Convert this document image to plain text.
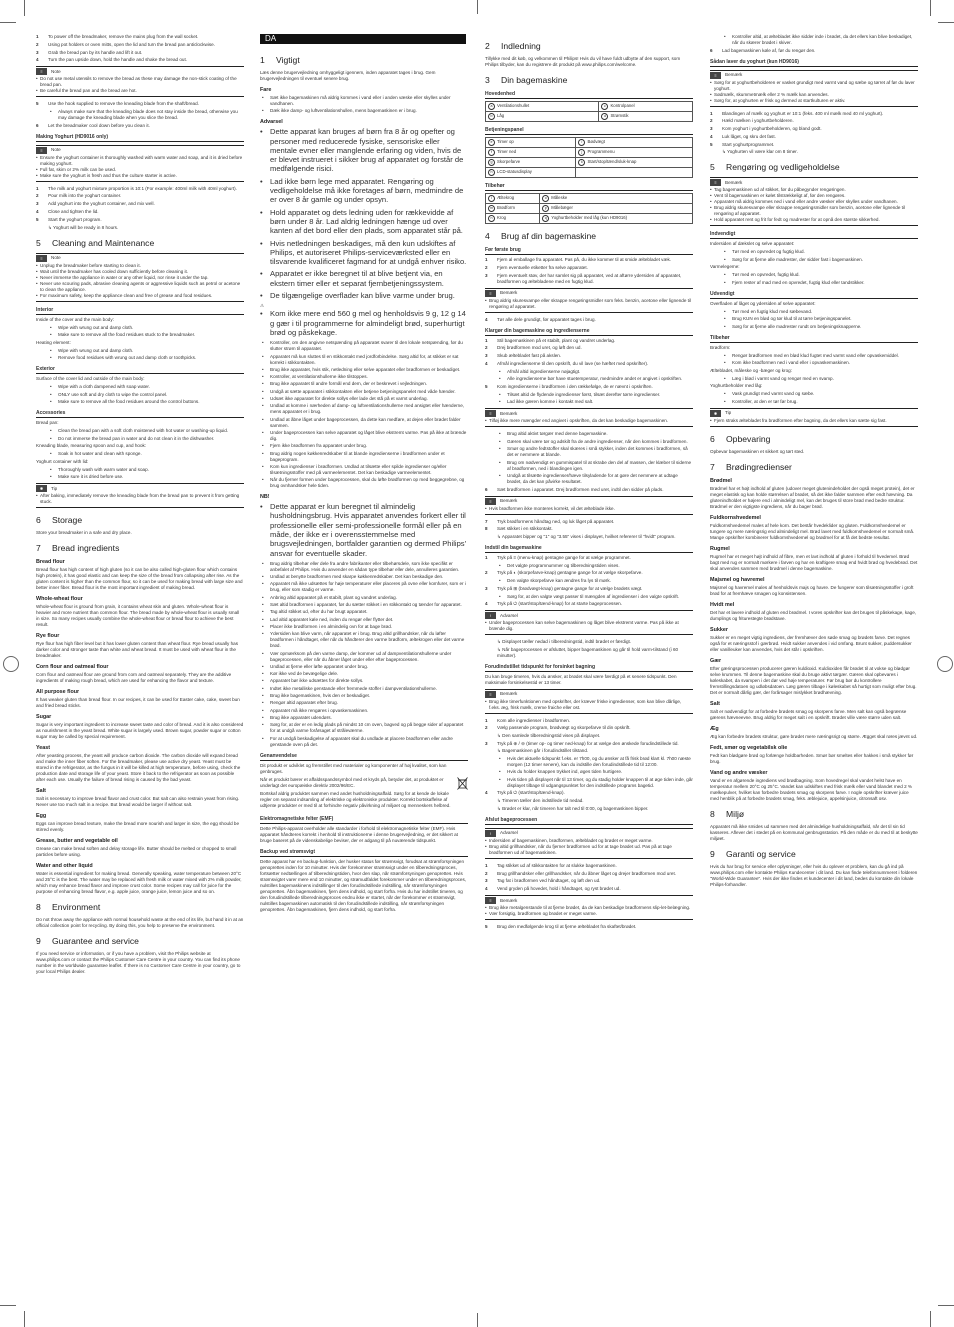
1	To power off the breadmaker, remove the mains plug from the wall socket.
2	Using pot holders or oven mitts, open the lid and turn the bread pan anticlockwise.
3	Grab the bread pan by its handle and lift it out.
4	Turn the pan upside down, hold the handle and shake the bread out.
≡	Note
• Do not use metal utensils to remove the bread as these may damage the non-stick coating of the bread pan.
• Be careful the bread pan and the bread are hot.
5	Use the hook supplied to remove the kneading blade from the shaft/bread.
• Always make sure that the kneading blade does not stay inside the bread, otherwise you may damage the kneading blade when you slice the bread.
6	Let the breadmaker cool down before you clean it.
Making Yoghurt (HD9016 only)
≡	Note
• Ensure the yoghurt container is thoroughly washed with warm water and soap, and it is dried before making yoghurt.
• Full fat, skim or 2% milk can be used.
• Make sure the yoghurt is fresh and thus the culture starter is active.
1	The milk and yoghurt mixture proportion is 10:1 (For example: 400ml milk with 40ml yoghurt).
2	Pour milk into the yoghurt container.
3	Add yoghurt into the yoghurt container, and mix well.
4	Close and tighten the lid.
5	Start the yoghurt program.
↳ Yoghurt will be ready in 8 hours.
5 Cleaning and Maintenance
≡	Note
• Unplug the breadmaker before starting to clean it.
• Wait until the breadmaker has cooled down sufficiently before cleaning it.
• Never immerse the appliance in water or any other liquid, nor rinse it under the tap.
• Never use scouring pads, abrasive cleaning agents or aggressive liquids such as petrol or acetone to clean the appliance.
• For maximum safety, keep the appliance clean and free of grease and food residues.
Interior

Inside of the cover and the main body:

• Wipe with wrung out and damp cloth.
• Make sure to remove all the food residues stuck to the breadmaker.

Heating element:

• Wipe with wrung out and damp cloth.
• Remove food residues with wrung out and damp cloth or toothpicks.
Exterior

Surface of the cover lid and outside of the main body:

• Wipe with a cloth dampened with soap water.
• ONLY use soft and dry cloth to wipe the control panel.
• Make sure to remove all the food residues around the control buttons.
Accessories

Bread pan:

• Clean the bread pan with a soft cloth moistened with hot water or washing-up liquid.
• Do not immerse the bread pan in water and do not clean it in the dishwasher.

Kneading blade, measuring spoon and cup, and hook:

• Soak in hot water and clean with sponge.

Yoghurt container with lid:

• Thoroughly wash with warm water and soap.
• Make sure it is dried before use.
✱	Tip
• After baking, immediately remove the kneading blade from the bread pan to prevent it from getting stuck.
6 Storage

Store your breadmaker in a safe and dry place.

7 Bread ingredients
Bread flour

Bread flour has high content of high gluten (so it can be also called high-gluten flour which contains high protein), it has good elastic and can keep the size of the bread from collapsing after rise. As the gluten content is higher than the common flour, so it can be used for making bread with large size and better inner fiber. Bread flour is the most important ingredient of making bread.

Whole-wheat flour

Whole-wheat flour is ground from grain, it contains wheat skin and gluten. Whole-wheat flour is heavier and more nutrient than common flour. The bread made by whole-wheat flour is usually small in size. So many recipes usually combine the whole-wheat flour or bread flour to achieve the best result.

Rye flour

Rye flour has high fiber level but it has lower gluten content than wheat flour. Rye bread usually has darker color and stronger taste than white and wheat bread. It must be used with wheat flour in the breadmaker.

Corn flour and oatmeal flour

Corn flour and oatmeal flour are ground from corn and oatmeal separately. They are the additive ingredients of making rough bread, which are used for enhancing the flavor and texture.

All purpose flour

It has weaker gluten than bread flour. In our recipes, it can be used for Easter cake, cake, sweet bun and fried bread sticks.

Sugar

Sugar is very important ingredient to increase sweet taste and color of bread. And it is also considered as nourishment in the yeast bread. White sugar is largely used. Brown sugar, powder sugar or cotton sugar may be called by special requirement.

Yeast

After yeasting process, the yeast will produce carbon dioxide. The carbon dioxide will expand bread and make the inner fiber soften. For the breadmaker, please use active dry yeast. Yeast must be stored in the refrigerator, as the fungus in it will be killed at high temperature, before using, check the production date and storage life of your yeast. Store it back to the refrigerator as soon as possible after each use. Usually the failure of bread rising is caused by the bad yeast.

Salt

Salt is necessary to improve bread flavor and crust color. But salt can also restrain yeast from rising. Never use too much salt in a recipe. But bread would be larger if without salt.

Egg

Eggs can improve bread texture, make the bread more nourish and larger in size, the egg should be stirred evenly.

Grease, butter and vegetable oil

Grease can make bread soften and delay storage life. Butter should be melted or chopped to small particles before using.

Water and other liquid

Water is essential ingredient for making bread. Generally speaking, water temperature between 20°C and 25°C is the best. The water may be replaced with fresh milk or water mixed with 2% milk powder, which may enhance bread flavor and improve crust color. Some recipes may call for juice for the purpose of enhancing bread flavor, e.g. apple juice, orange juice, lemon juice and so on.

8 Environment

Do not throw away the appliance with normal household waste at the end of its life, but hand it in at an official collection point for recycling. By doing this, you help to preserve the environment.

9 Guarantee and service

If you need service or information, or if you have a problem, visit the Philips website at www.philips.com or contact the Philips Customer Care Centre in your country. You can find its phone number in the worldwide guarantee leaflet. If there is no Customer Care Centre in your country, go to your local Philips dealer.

DA
1 Vigtigt

Læs denne brugervejledning omhyggeligt igennem, inden apparatet tages i brug. Gem brugervejledningen til eventuel senere brug.

Fare
• Sæt ikke bagemaskinen må aldrig kommes i vand eller i anden væske eller skylles under vandhanen.
• Dæk ikke damp- og luftventilationshullen, mens bagemaskinen er i brug.
Advarsel
• Dette apparat kan bruges af børn fra 8 år og opefter og personer med reducerede fysiske, sensoriske eller mentale evner eller manglende erfaring og viden, hvis de er blevet instrueret i sikker brug af apparatet og forstår de medfølgende risici.
• Lad ikke børn lege med apparatet. Rengøring og vedligeholdelse må ikke foretages af børn, medmindre de er over 8 år gamle og under opsyn.
• Hold apparatet og dets ledning uden for rækkevidde af børn under 8 år. Lad aldrig ledningen hænge ud over kanten af det bord eller den plads, som apparatet står på.
• Hvis netledningen beskadiges, må den kun udskiftes af Philips, et autoriseret Philips-serviceværksted eller en tilsvarende kvalificeret fagmand for at undgå enhver risiko.
• Apparatet er ikke beregnet til at blive betjent via, en ekstern timer eller et separat fjernbetjeningssystem.
• De tilgængelige overflader kan blive varme under brug.
⚠
• Kom ikke mere end 560 g mel og henholdsvis 9 g, 12 g 14 g gær i til programmerne for almindeligt brød, superhurtigt brød og påskekage.
• Kontroller, om den angivne netspænding på apparatet svarer til den lokale netspænding, før du slutter strøm til apparatet.
• Apparatet må kun sluttes til en stikkontakt med jordforbindelse. Sørg altid for, at stikket er sat korrekt i stikkontakten.
• Brug ikke apparatet, hvis stik, netledning eller selve apparatet eller brødformen er beskadiget.
• Kontroller, at ventilationshullerne ikke tilstoppes.
• Brug ikke apparatet til andre formål end dem, der er beskrevet i vejledningen.
• Undgå at sætte apparatet i stikkontakten eller betjene betjeningspanelet med våde hænder.
• Udsæt ikke apparatet for direkte sollys eller lade det stå på et varmt underlag.
• Undlad at komme i nærheden af damp- og luftventilationshullerne med ansigtet eller hænderne, mens apparatet er i brug.
• Undlad at åbne låget under bageprocessen, da dette kan medføre, at dejen eller brødet falder sammen.
• Under bageprocessen kan selve apparatet og låget blive ekstremt varme. Pas på ikke at brænde dig.
• Fjern ikke brødformen fra apparatet under brug.
• Brug aldrig nogen køkkenredskaber til at blande ingredienserne i brødformen under et bageprogram.
• Kom kun ingredienser i brødformen. Undlad at tilsætte eller spilde ingredienser og/eller tilsætningsstoffer med på varmeelementet. Det kan beskadige varmeelementet.
• Når du fjerner formen under bageprocessen, skal du løfte brødformen op med beggegrebne, og brug ovnhandsker hele tiden.
NB!
• Dette apparat er kun beregnet til almindelig husholdningsbrug. Hvis apparatet anvendes forkert eller til professionelle eller semi-professionelle formål eller på en måde, der ikke er i overensstemmelse med brugsvejledningen, bortfalder garantien og dermed Philips' ansvar for eventuelle skader.
• Brug aldrig tilbehør eller dele fra andre fabrikanter eller tilbehørsdele, som ikke specifikt er anbefalet af Philips. Hvis du anvender en sådan type tilbehør eller dele, annulleres garantien.
• Undlad at benytte brødformen med skarpe køkkenredskaber. Det kan beskadige den.
• Apparatet må ikke udsættes for høje temperaturer eller placeres på ovne eller komfurer, som er i brug, eller som stadig er varme.
• Anbring altid apparatet på et stabilt, plant og vandret underlag.
• Sæt altid brødformen i apparatet, før du sætter stikket i en stikkontakt og tænder for apparatet.
• Tag altid stikket ud, efter du har brugt apparatet.
• Lad altid apparatet køle ned, inden du rengør eller flytter det.
• Placer ikke brødformen i en almindelig ovn for at bage brød.
• Ydersiden kan blive varm, når apparatet er i brug. Brug altid grillhandsker, når du løfter brødformen i håndtaget, eller når du håndterer den varme brødform, æltekrogen eller det varme brød.
• Vær opmærksom på den varme damp, der kommer ud af dampventilationshullerne under bageprocessen, eller når du åbner låget under eller efter bageprocessen.
• Undlad at fjerne eller løfte apparatet under brug.
• Kør ikke ved de bevægelige dele.
• Apparatet bør ikke udsættes for direkte sollys.
• Indtet ikke metalliske genstande eller fremmede stoffer i dampventilationshullerne.
• Brug ikke bagemaskinen, hvis den er beskadiget.
• Rengør altid apparatet efter brug.
• Apparatet må ikke rengøres i opvaskemaskinen.
• Brug ikke apparatet udendørs.
• Sørg for, at der er en ledig plads på mindst 10 cm oven, bagved og på begge sider af apparatet for at undgå varme forårsaget af stråleværme.
• For at undgå beskadigelse af apparatet skal du undlade at placere brødformen eller andre genstande oven på det.
Genanvendelse

Dit produkt er udviklet og fremstillet med materialer og komponenter af høj kvalitet, som kan genbruges.

Når et produkt bærer et affaldsspandssymbol med et kryds på, betyder det, at produktet er underlagt det europæiske direktiv 2002/96/EC.

Bortskaf aldrig produktet sammen med andet husholdningsaffald. Sørg for at kende de lokale regler om separat indsamling af elektriske og elektroniske produkter. Korrekt bortskaffelse af udtjente produkter er med til at forhindre negativ påvirkning af miljøet og menneskers helbred.

Elektromagnetiske felter (EMF)

Dette Philips-apparat overholder alle standarder i forhold til elektromagnetiske felter (EMF). Hvis apparatet håndteres korrekt i henhold til instruktionerne i denne brugervejledning, er det sikkert at bruge baseret på de videnskabelige beviser, der er adgang til på nuværende tidspunkt.

Backup ved strømsvigt

Dette apparat har en backup-funktion, der husker status før strømsvigt, forudsat at strømforsyningen genoprettes inden for 10 minutter. Hvis der forekommer strømsvigt under en tilberedningsproces, fortsætter nedtællingen af tilberedningstiden, hvor den slap, når strømforsyningen genoprettes. Hvis strømsvigtet varer mere end 10 minutter, og strømudfaldet forekommer under en tilberedningsproces, nulstilles bagemaskinens indstillinger til den forudindstillede indstilling, når strømforsyningen genoprettes. Åbn bagemaskinen, fjern dens indhold, og start forfra. Hvis du har indstillet timeren, og den forudindstillede tilberedningsproces endnu ikke er startet, når der forekommer et strømsvigt, nulstilles bagemaskinen automatisk til den forudindstillede indstilling, når strømforsyningen genoprettes. Åbn bagemaskinen, fjern dens indhold, og start forfra.

2 Indledning

Tillykke med dit køb, og velkommen til Philips! Hvis du vil have fuldt udbytte af den support, som Philips tilbyder, kan du registrere dit produkt på www.philips.com/welcome.

3 Din bagemaskine
Hovedenhed
a Ventilationshullet	c Kontrolpanel
b Låg	d Strømstik
Betjeningspanel
e Timer op	i Bødvægt
f Timer ned	j Programmenu
g Skorpefarve	k Start/stop/tænd/sluk-knap
h LCD-statusdisplay	
Tilbehør
l Æltekrog	o Måleske
m Brødform	p Målebæger
n Krog	q Yoghurtbeholder med låg (kun HD9016)
4 Brug af din bagemaskine
Før første brug
1	Fjern al emballage fra apparatet. Pas på, du ikke kommer til at smide æltebladet væk.
2	Fjern eventuelle etiketter fra selve apparatet.
3	Fjern eventuelt støv, der har samlet sig på apparatet, ved at aftørre ydersiden af apparatet, brødformen og æltebladene med en fugtig klud.
≡	Bemærk
• Brug aldrig skuresvampe eller skrappe rengøringsmidler som feks. benzin, acetone eller lignende til rengøring af apparatet.
4	Tør alle dele grundigt, før apparatet tages i brug.
Klargør din bagemaskine og ingredienserne
1	Stil bagemaskinen på et stabilt, plant og vandret underlag.
2	Drej brødformen mod uret, og løft den ud.
3	Skub æltebladet fast på akslen.
4	Afmål ingredienserne til den opskrift, du vil lave (se hæftet med opskrifter).
• Afmål altid ingredienserne nøjagtigt.
• Alle ingredienserne bør have stuetemperatur, medmindre andet er angivet i opskriften.
5	Kom ingredienserne i brødformen i den rækkefølge, de er nævnt i opskriften.
• Tilsæt altid de flydende ingredienser først, tilsæt derefter tørre ingredienser.
• Lad ikke gæren komme i kontakt med salt.
≡	Bemærk
• Tilføj ikke mere mængder end angivet i opskriften, da det kan beskadige bagemaskinen.
• Brug altid aktivt tørgær med denne bagemaskine.
• Gæren skal være tør og adskilt fra de andre ingredienser, når den kommes i brødformen.
• Smør og andre fedtstoffer skal skæres i små stykker, inden det kommes i brødformen, så det er nemmere at blande.
• Brug om nødvendigt en gummispatel til at skrabe den del af massen, der klæber til siderne af brødformen, ned i blandingen igen.
• Undgå at tilsætte ingredienser/hæve tilsyladende for at gøre det nemmere at udtage brødet, da det kan påvirke resultatet.
6	Sæt brødformen i apparatet. Drej brødformen med uret, indtil den sidder på plads.
≡	Bemærk
• Hvis brødformen ikke monteres korrekt, vil det ælteblade ikke.
7	Tryk brødformens håndtag ned, og luk låget på apparatet.
8	Sæt stikket i en stikkontakt.
↳ Apparatet bipper og "1" og "3.55" vises i displayet, hvilket refererer til "hvidt" program.
Indstil din bagemaskine
1	Tryk på ≡ (menu-knap) gentagne gange for at vælge programmet.
• Det valgte programnummer og tilberedningstiden vises.
2	Tryk på ◐ (skorpefarve-knap) gentagne gange for at vælge skorpefarve.
• Den valgte skorpefarve kan ændres fra lys til mørk.
3	Tryk på ⊞ (brødvægt-knap) gentagne gange for at vælge brødets vægt.
• Sørg for, at den valgte vægt passer til mængden af ingredienser i den valgte opskrift.
4	Tryk på ⏻ (start/stop/tænd-knap) for at starte bageprocessen.
!	Advarsel
• Under bageprocessen kan selve bagemaskinen og låget blive ekstremt varme. Pas på ikke at brænde dig.
↳ Displayet tæller nedad i tilberedningstid, indtil brødet er færdigt.
↳ Når bageprocessen er afsluttet, bipper bagemaskinen og går til hold varm-tilstand (i 60 minutter).
Forudindstillet tidspunkt for forsinket bagning

Du kan bruge timeren, hvis du ønsker, at brødet skal være færdigt på et senere tidspunkt. Den maksimale forsinkelsestid er 13 timer.

≡	Bemærk
• Brug ikke timerfunktionen med opskrifter, der kræver friske ingredienser, som kan blive dårlige, f.eks. æg, frisk mælk, creme fraiche eller ost.
1	Kom alle ingredienser i brødformen.
2	Vælg passende program, brødvægt og skorpefarve til din opskrift.
↳ Den samlede tilberedningstid vises på displayet.
3	Tryk på ⊕ / ⊖ (timer op- og timer ned-knap) for at vælge den ønskede forudindstillede tid.
↳ Bagemaskinen går i forudindstillet tilstand.
• Hvis det aktuelle tidspunkt f.eks. er 7h00, og du ønsker at få frisk brød klart kl. 7h00 næste morgen (12 timer senere), kan du indstille den forudindstillede tid til 12:00.
• Hvis du holder knappen trykket ind, øges tiden hurtigere.
• Hvis tiden på displayet når til 13 timer, og du stadig holder knappen til at øge tiden inde, går displayet tilbage til udgangspunktet for den indstillede programs bagetid.
4	Tryk på ⏻ (start/stop/tænd-knap).
↳ Timeren tæller den indstillede tid nedad.
↳ Brødet er klar, når timeren har talt ned til 0:00, og bagemaskinen bipper.
Afslut bageprocessen
!	Advarsel
• Indersiden af bagemaskinen, brødformen, æltebladet og brødet er meget varme.
• Brug altid grillhandsker, når du fjerner brødformen ud for at tage brødet ud. Pas på at tage brødformen ud af bagemaskinen.
1	Tag stikket ud af stikkontakten for at slukke bagemaskinen.
2	Brug grillhandsker eller grillhandsker, når du åbner låget og drejer brødformen mod uret.
3	Tag fat i brødformen ved håndtaget, og løft den ud.
4	Vend gryden på hovedet, hold i håndtaget, og ryst brødet ud.
≡	Bemærk
• Brug ikke metalgenstande til at fjerne brødet, da de kan beskadige brødformens slip-let-belægning.
• Vær forsigtig, brødformen og brødet er meget varme.
5	Brug den medfølgende krog til at fjerne æltebladet fra skaftet/brødet.
• Kontroller altid, at æltebladet ikke sidder inde i brødet, da det ellers kan blive beskadiget, når du skærer brødet i skiver.
6	Lad bagemaskinen køle af, før du rengør den.
Sådan laver du yoghurt (kun HD9016)
≡	Bemærk
• Sørg for at yoghurtbeholderen er vasket grundigt med varmt vand og sæbe og tørret af før du laver yoghurt.
• Sødmælk, skummetmælk eller 2 % mælk kan anvendes.
• Sørg for, at yoghurten er frisk og dermed at startkulturen er aktiv.
1	Blandingen af mælk og yoghurt er 10:1 (feks. 400 ml mælk med 40 ml yoghurt).
2	Hæld mælken i yoghurtbeholderen.
3	Kom yoghurt i yoghurtbeholderen, og bland godt.
4	Luk låget, og skru det fast.
5	Start yoghurtprogrammet.
↳ Yoghurten vil være klar om 8 timer.
5 Rengøring og vedligeholdelse
≡	Bemærk
• Tag bagemaskinen ud af stikket, før du påbegynder rengøringen.
• Vent til bagemaskinen er kølet tilstrækkeligt af, før den rengøres.
• Apparatet må aldrig kommes ned i vand eller andre væsker eller skylles under vandhanen.
• Brug aldrig skuresvampe eller skrappe rengøringsmidler som benzin, acetone eller lignende til rengøring af apparatet.
• Hold apparatet rent og frit for fedt og madrester for at opnå den største sikkerhed.
Indvendigt

Indersiden af dækslet og selve apparatet:

• Tør med en opvredet og fugtig klud.
• Sørg for at fjerne alle madrester, der sidder fast i bagemaskinen.

Varmelegeme:

• Tør med en opvredet, fugtig klud.
• Fjern rester af mad med en opvredet, fugtig klud eller tandstikker.
Udvendigt

Overfladen af låget og ydersiden af selve apparatet:

• Tør med en fugtig klud med sæbevand.
• Brug KUN en blød og tør klud til at tørre betjeningspanelet.
• Sørg for at fjerne alle madrester rundt om betjeningsknapperne.
Tilbehør

Brødform:

• Rengør brødformen med en blød klud fugtet med varmt vand eller opvaskemiddel.
• Kom ikke brødformen ned i vand eller i opvaskemaskinen.

Æltebladet, måleske og -bæger og krog:

• Læg i blød i varmt vand og rengør med en svamp.

Yoghurtbeholder med låg:

• Vask grundigt med varmt vand og sæbe.
• Kontroller, at den er tør før brug.
✱	Tip
• Fjern straks æltebladet fra brødformen efter bagning, da det ellers kan sætte sig fast.
6 Opbevaring

Opbevar bagemaskinen et sikkert og tørt sted.

7 Brødingredienser
Brødmel

Brødmel har et højt indhold af gluten (udover meget glutenindeholdet der også meget protein), det er meget elastisk og kan holde størrelsen af brødet, så det ikke falder sammen efter endt hævning. Da glutenindholdet er højere end i almindeligt mel, kan det bruges til store brød med bedre struktur. Brødmel er den vigtigste ingrediens, når du bager brød.

Fuldkornshvedemel

Fuldkornshvedemel males af hele korn. Det består hvedeklider og gluten. Fuldkornshvedemel er tungere og mere næringsrig end almindeligt mel. Brød lavet med fuldkornshvedemel er normalt små. Mange opskrifter kombinerer fuldkornshvedemel og brødmel for at få det bedste resultat.

Rugmel

Rugmel har et meget højt indhold af fibre, men et lavt indhold af gluten i forhold til hvedemel. Brød bagt med rug er normalt mørkere i farven og har en kraftigere smag end hvidt brød og hvedebrød. Det skal anvendes sammen med brødmel i denne bagemaskine.

Majsmel og havremel

Majsmel og havremel males af henholdsvis majs og havre. De fungerer som tilsætningsstoffer i groft brød for at fremhæve smagen og konsistensen.

Hvidt mel

Det har et lavere indhold af gluten end brødmel. I vores opskrifter kan det bruges til påskekage, kage, dumplings og friturestegte brødstave.

Sukker

Sukker er en meget vigtig ingrediens, der fremhæver den søde smag og brødets farve. Det regnes også for et næringsstof i gærbrød. Hvidt sukker anvendes i vid omfang. Brunt sukker, puddersukker eller vanilleuker kan anvendes, hvis det står i opskriften.

Gær

Efter gæringsprocessen producerer gæren kuldioxid. Kuldioxiden får brødet til at vokse og blødgør selve krummen. Til denne bagemaskine skal du bruge aktivt tørgær. Gæren skal opbevares i køleskabet, da svampen i det dør ved høje temperaturer. Før brug bør du kontrollere fremstillingsdatoen og udløbsdatoen. Læg gæren tilbage i køleskabet så hurtigt som muligt efter brug. Det er normalt dårlig gær, der forårsager mislykket brødhævning.

Salt

Salt er nødvendigt for at forbedre brødets smag og skorpens farve. Men salt kan også begrænse gærens hævneevne. Brug aldrig for meget salt i en opskrift. Brødet ville være større uden salt.

Æg

Æg kan forbedre brødets struktur, gøre brødet mere næringsrigt og større. Ægget skal røres jævnt ud.

Fedt, smør og vegetabilsk olie

Fedt kan blødgøre brød og forlænge holdbarheden. Smør bør smeltes eller hakkes i små stykker før brug.

Vand og andre væsker

Vand er en afgørende ingrediens ved brødbagning. Som hovedregel skal vandet helst have en temperatur mellem 20°C og 25°C. Vandet kan udskiftes med frisk mælk eller vand blandet med 2 % mælkepulver, hvilket kan forbedre brødets smag og skorpens farve. I nogle opskrifter kræver juice med henblik på at forbedre brødets smag, feks. æblejuice, appelsinjuice, citronsaft osv.

8 Miljø

Apparatet må ikke smides ud sammen med det almindelige husholdningsaffald, når det til sin tid kasseres. Aflever det i stedet på en kommunal genbrugsstation. På den måde er du med til at beskytte miljøet.

9 Garanti og service

Hvis du har brug for service eller oplysninger, eller hvis du oplever et problem, kan du gå ind på www.philips.com eller kontakte Philips Kundecenter i dit land. Du kan finde telefonnummeret i folderen "World-Wide Guarantee". Hvis der ikke findes et kundecenter i dit land, bedes du kontakte din lokale Philips-forhandler.
